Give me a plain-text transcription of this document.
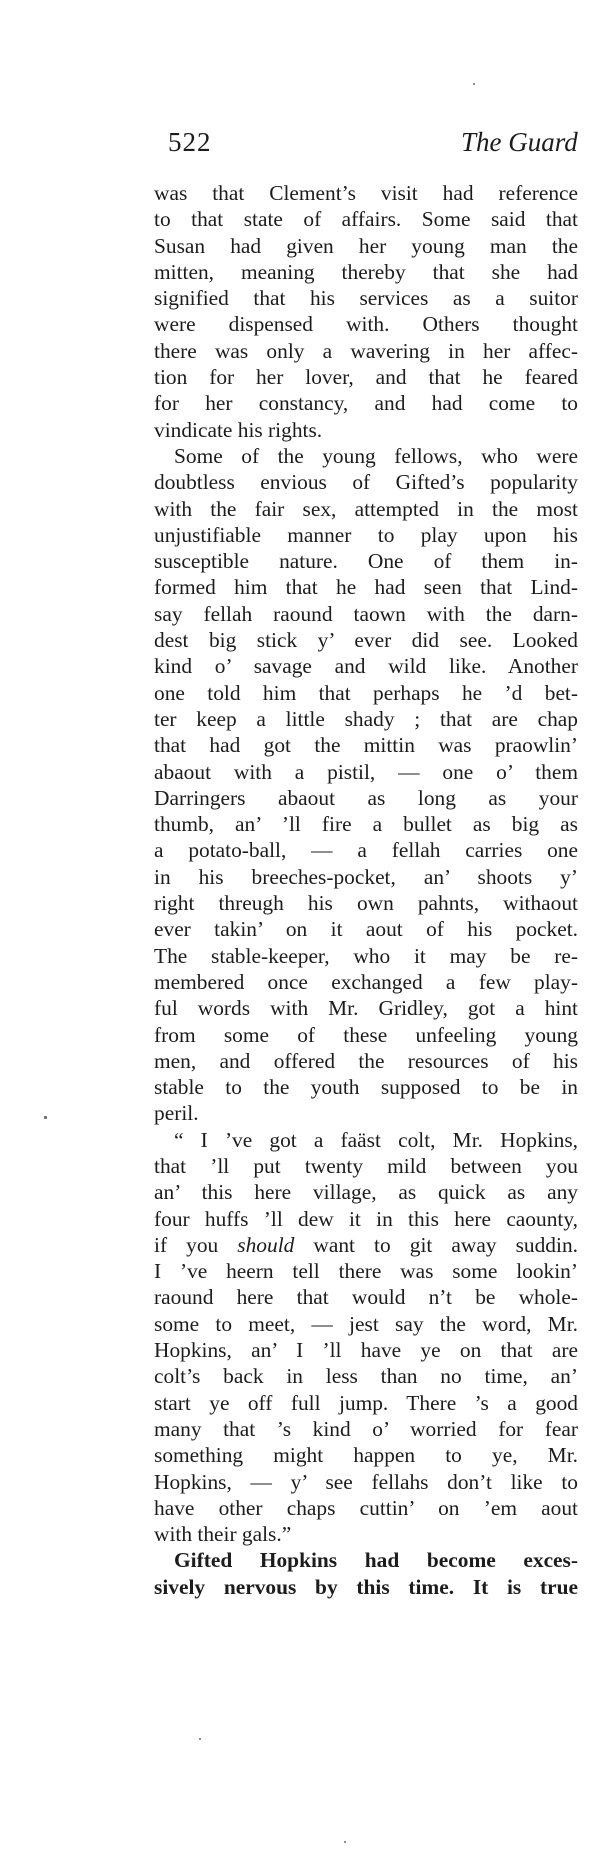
522	The Guard
was that Clement’s visit had reference
to that state of affairs. Some said that
Susan had given her young man the
mitten, meaning thereby that she had
signified that his services as a suitor
were dispensed with. Others thought
there was only a wavering in her affec-
tion for her lover, and that he feared
for her constancy, and had come to
vindicate his rights.
Some of the young fellows, who were
doubtless envious of Gifted’s popularity
with the fair sex, attempted in the most
unjustifiable manner to play upon his
susceptible nature. One of them in-
formed him that he had seen that Lind-
say fellah raound taown with the darn-
dest big stick y’ ever did see. Looked
kind o’ savage and wild like. Another
one told him that perhaps he ’d bet-
ter keep a little shady ; that are chap
that had got the mittin was praowlin’
abaout with a pistil, — one o’ them
Darringers abaout as long as your
thumb, an’ ’ll fire a bullet as big as
a potato-ball, — a fellah carries one
in his breeches-pocket, an’ shoots y’
right threugh his own pahnts, withaout
ever takin’ on it aout of his pocket.
The stable-keeper, who it may be re-
membered once exchanged a few play-
ful words with Mr. Gridley, got a hint
from some of these unfeeling young
men, and offered the resources of his
stable to the youth supposed to be in
peril.
“ I ’ve got a faäst colt, Mr. Hopkins,
that ’ll put twenty mild between you
an’ this here village, as quick as any
four huffs ’ll dew it in this here caounty,
if you should want to git away suddin.
I ’ve heern tell there was some lookin’
raound here that would n’t be whole-
some to meet, — jest say the word, Mr.
Hopkins, an’ I ’ll have ye on that are
colt’s back in less than no time, an’
start ye off full jump. There ’s a good
many that ’s kind o’ worried for fear
something might happen to ye, Mr.
Hopkins, — y’ see fellahs don’t like to
have other chaps cuttin’ on ’em aout
with their gals.”
Gifted Hopkins had become exces-
sively nervous by this time. It is true
